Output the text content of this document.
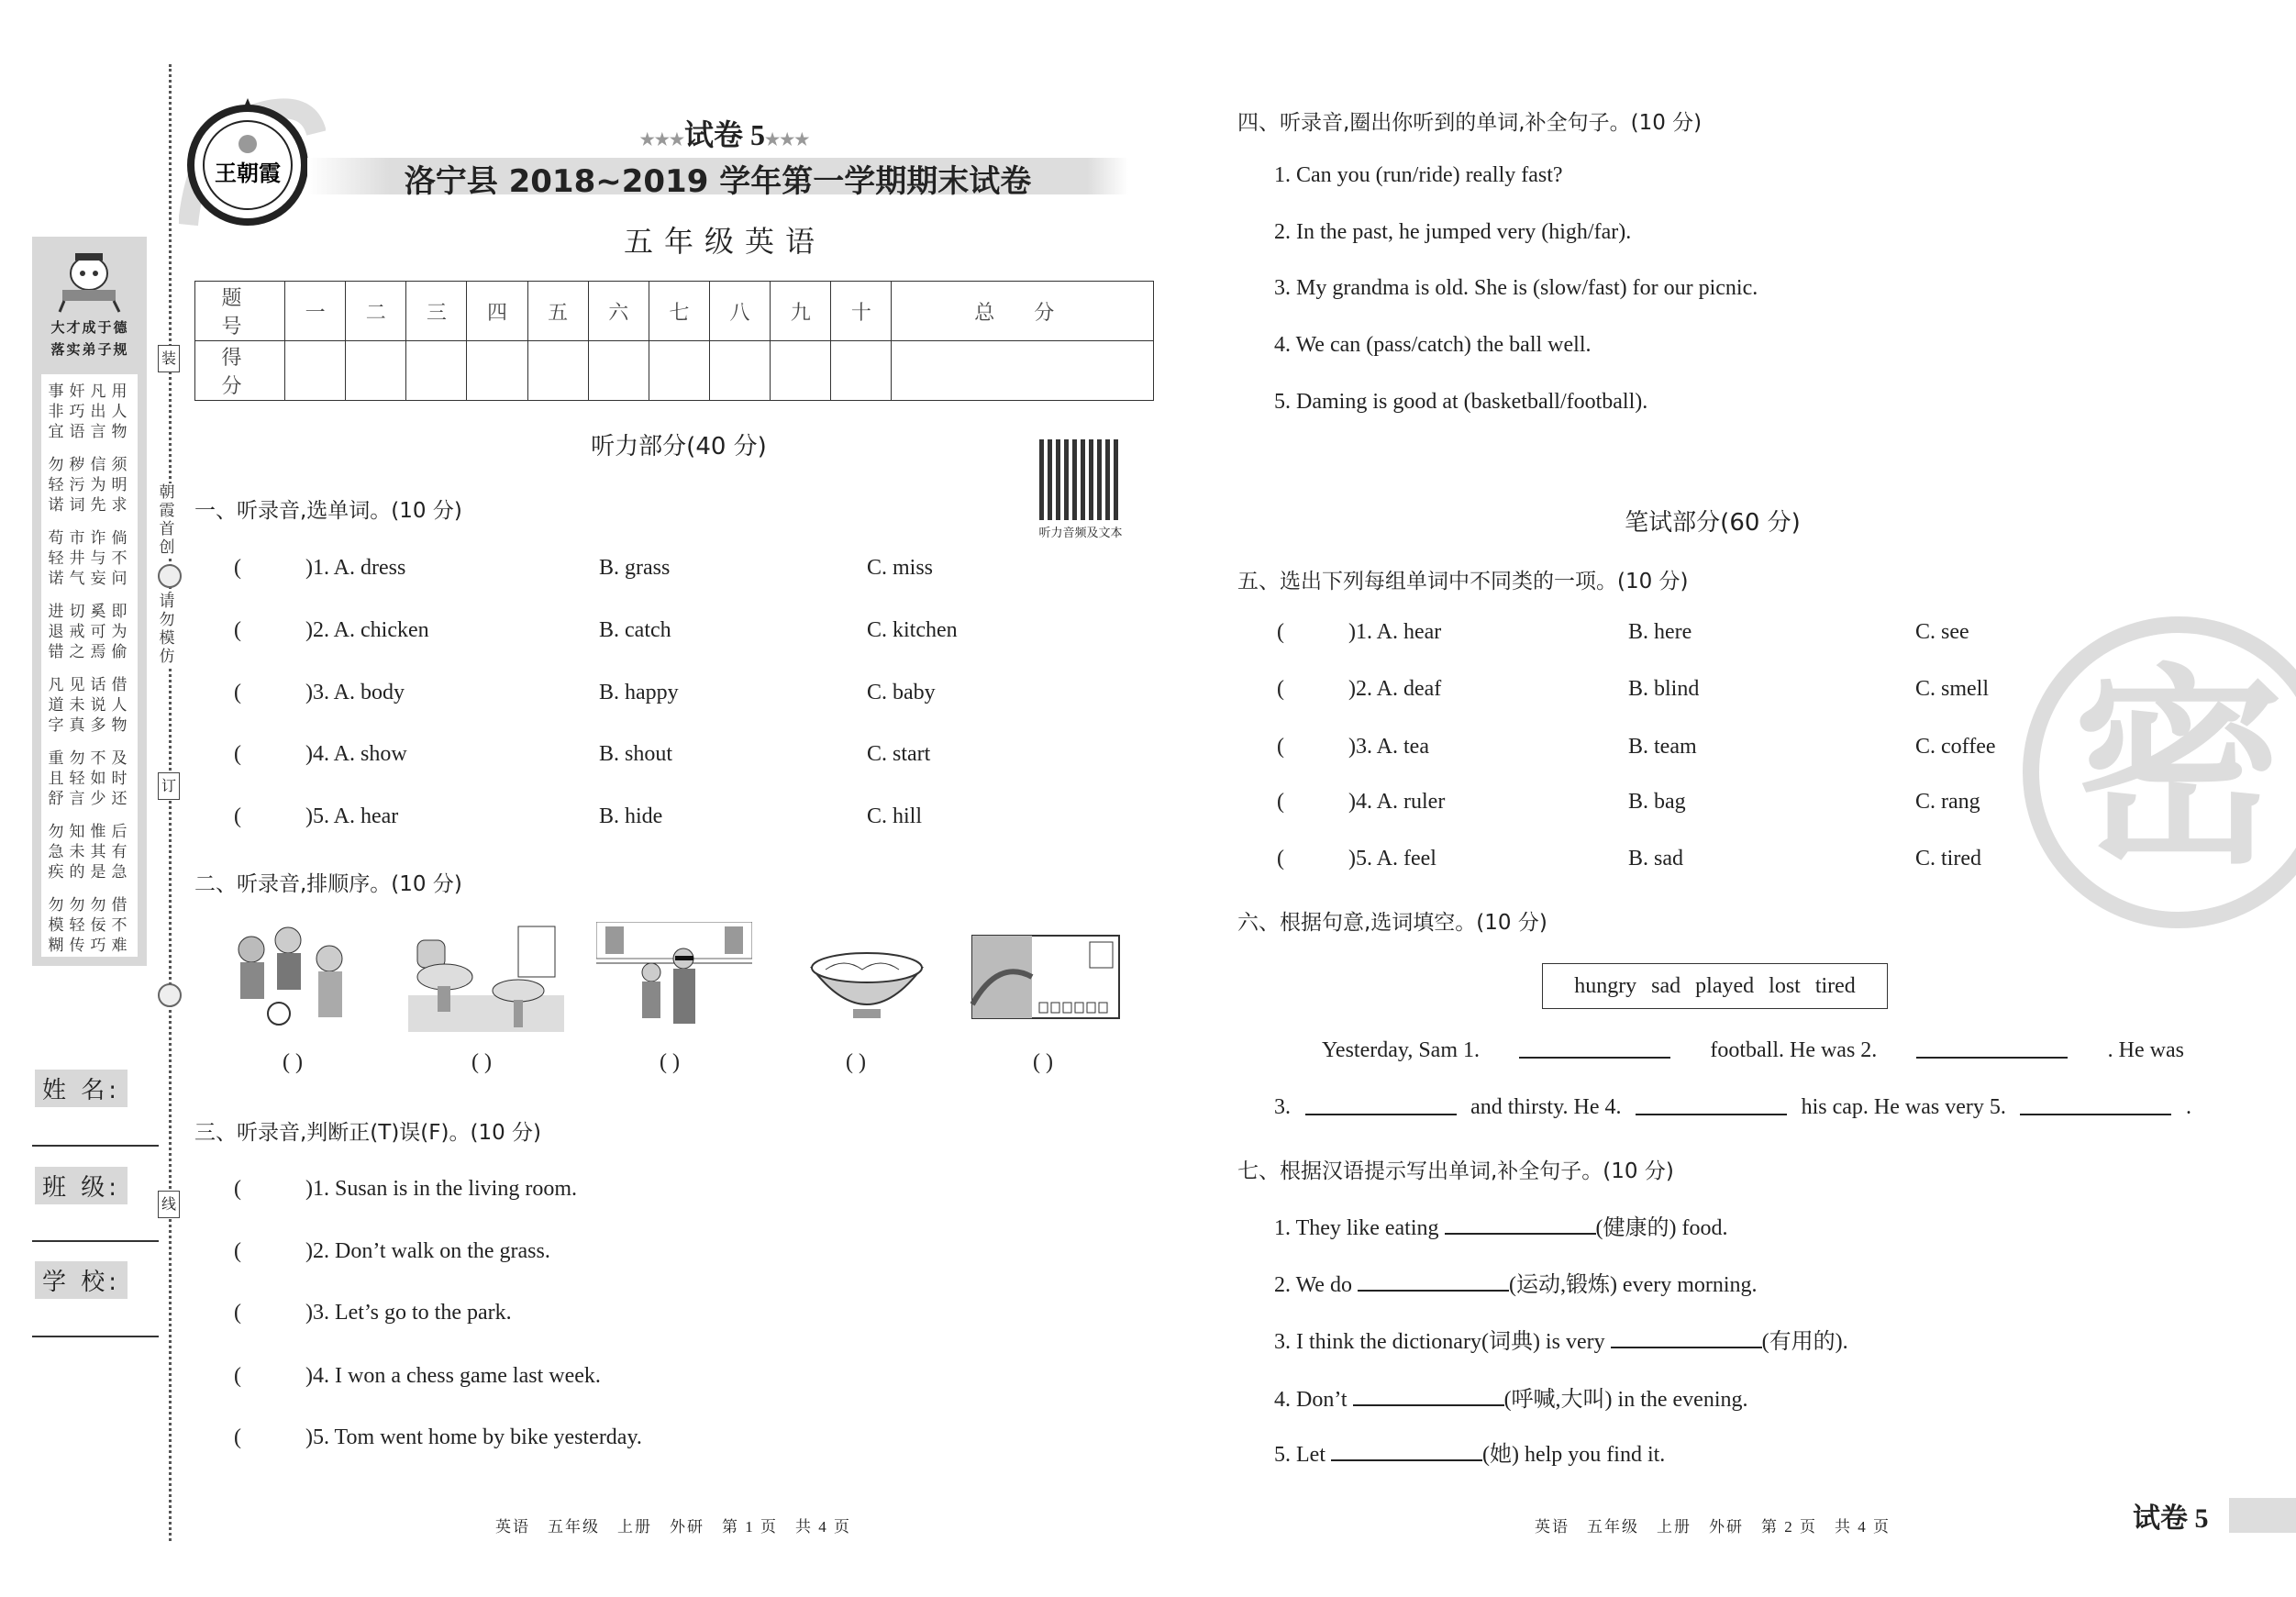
装
朝霞首创
请勿模仿
订
线
大才成于德
落实弟子规
事奸凡用
非巧出人
宜语言物
勿秽信须
轻污为明
诺词先求
苟市诈倘
轻井与不
诺气妄问
进切奚即
退戒可为
错之焉偷
凡见话借
道未说人
字真多物
重勿不及
且轻如时
舒言少还
勿知惟后
急未其有
疾的是急
勿勿勿借
模轻佞不
糊传巧难
姓 名:
班 级:
学 校:
王朝霞
★★★试卷 5★★★
洛宁县 2018~2019 学年第一学期期末试卷
五年级英语
题 号	一	二	三	四	五	六	七	八	九	十	总 分
得 分											
听力部分(40 分)
听力音频及文本
一、听录音,选单词。(10 分)
(	)1. A. dress	B. grass	C. miss
(	)2. A. chicken	B. catch	C. kitchen
(	)3. A. body	B. happy	C. baby
(	)4. A. show	B. shout	C. start
(	)5. A. hear	B. hide	C. hill
二、听录音,排顺序。(10 分)
( )	( )	( )	( )	( )
三、听录音,判断正(T)误(F)。(10 分)
(	)1. Susan is in the living room.
(	)2. Don’t walk on the grass.
(	)3. Let’s go to the park.
(	)4. I won a chess game last week.
(	)5. Tom went home by bike yesterday.
英语　五年级　上册　外研　第 1 页　共 4 页
密
四、听录音,圈出你听到的单词,补全句子。(10 分)
1. Can you (run/ride) really fast?
2. In the past, he jumped very (high/far).
3. My grandma is old. She is (slow/fast) for our picnic.
4. We can (pass/catch) the ball well.
5. Daming is good at (basketball/football).
笔试部分(60 分)
五、选出下列每组单词中不同类的一项。(10 分)
(	)1. A. hear	B. here	C. see
(	)2. A. deaf	B. blind	C. smell
(	)3. A. tea	B. team	C. coffee
(	)4. A. ruler	B. bag	C. rang
(	)5. A. feel	B. sad	C. tired
六、根据句意,选词填空。(10 分)
hungry sad played lost tired
Yesterday, Sam 1.	football. He was 2.	. He was
3.	and thirsty. He 4.	his cap. He was very 5.	.
七、根据汉语提示写出单词,补全句子。(10 分)
1. They like eating	(健康的) food.
2. We do	(运动,锻炼) every morning.
3. I think the dictionary(词典) is very	(有用的).
4. Don’t	(呼喊,大叫) in the evening.
5. Let	(她) help you find it.
英语　五年级　上册　外研　第 2 页　共 4 页	试卷 5
